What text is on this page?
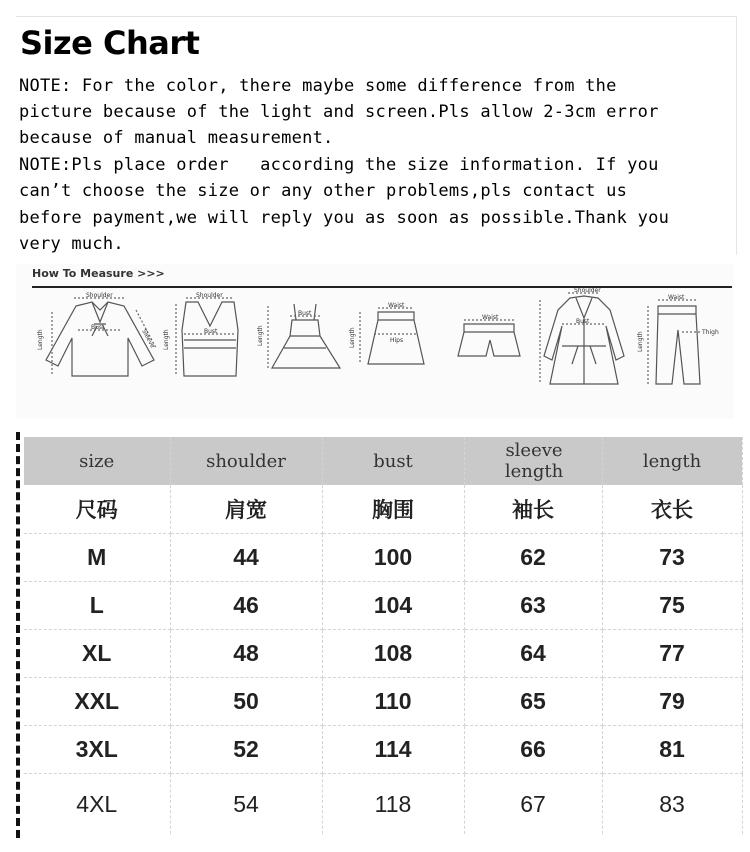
Size Chart
NOTE: For the color, there maybe some difference from the
picture because of the light and screen.Pls allow 2-3cm error
because of manual measurement.
NOTE:Pls place order   according the size information. If you
can’t choose the size or any other problems,pls contact us
before payment,we will reply you as soon as possible.Thank you
very much.
How To Measure >>>
Shoulder
Bust
Length	Sleeve
Shoulder
Bust
Length
Bust
Length
Waist
Hips
Length
Waist
Shoulder
Bust
Waist
Thigh
Length
size	shoulder	bust	sleeve length	length
尺码	肩宽	胸围	袖长	衣长
M	44	100	62	73
L	46	104	63	75
XL	48	108	64	77
XXL	50	110	65	79
3XL	52	114	66	81
4XL	54	118	67	83
